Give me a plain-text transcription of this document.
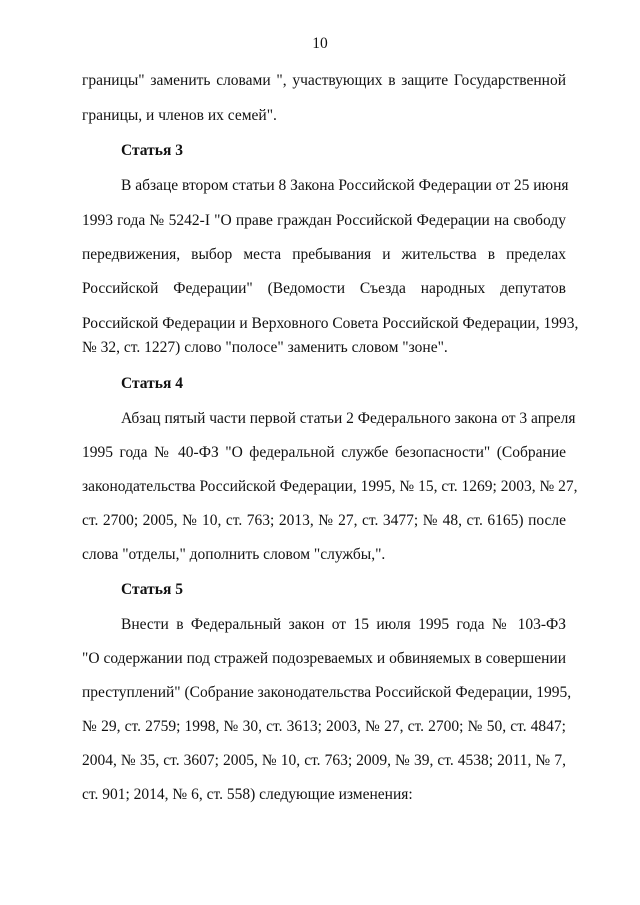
10
границы" заменить словами ", участвующих в защите Государственной
границы, и членов их семей".
Статья 3
В абзаце втором статьи 8 Закона Российской Федерации от 25 июня
1993 года № 5242-I "О праве граждан Российской Федерации на свободу
передвижения, выбор места пребывания и жительства в пределах
Российской Федерации" (Ведомости Съезда народных депутатов
Российской Федерации и Верховного Совета Российской Федерации, 1993,
№ 32, ст. 1227) слово "полосе" заменить словом "зоне".
Статья 4
Абзац пятый части первой статьи 2 Федерального закона от 3 апреля
1995 года № 40-ФЗ "О федеральной службе безопасности" (Собрание
законодательства Российской Федерации, 1995, № 15, ст. 1269; 2003, № 27,
ст. 2700; 2005, № 10, ст. 763; 2013, № 27, ст. 3477; № 48, ст. 6165) после
слова "отделы," дополнить словом "службы,".
Статья 5
Внести в Федеральный закон от 15 июля 1995 года № 103-ФЗ
"О содержании под стражей подозреваемых и обвиняемых в совершении
преступлений" (Собрание законодательства Российской Федерации, 1995,
№ 29, ст. 2759; 1998, № 30, ст. 3613; 2003, № 27, ст. 2700; № 50, ст. 4847;
2004, № 35, ст. 3607; 2005, № 10, ст. 763; 2009, № 39, ст. 4538; 2011, № 7,
ст. 901; 2014, № 6, ст. 558) следующие изменения:
